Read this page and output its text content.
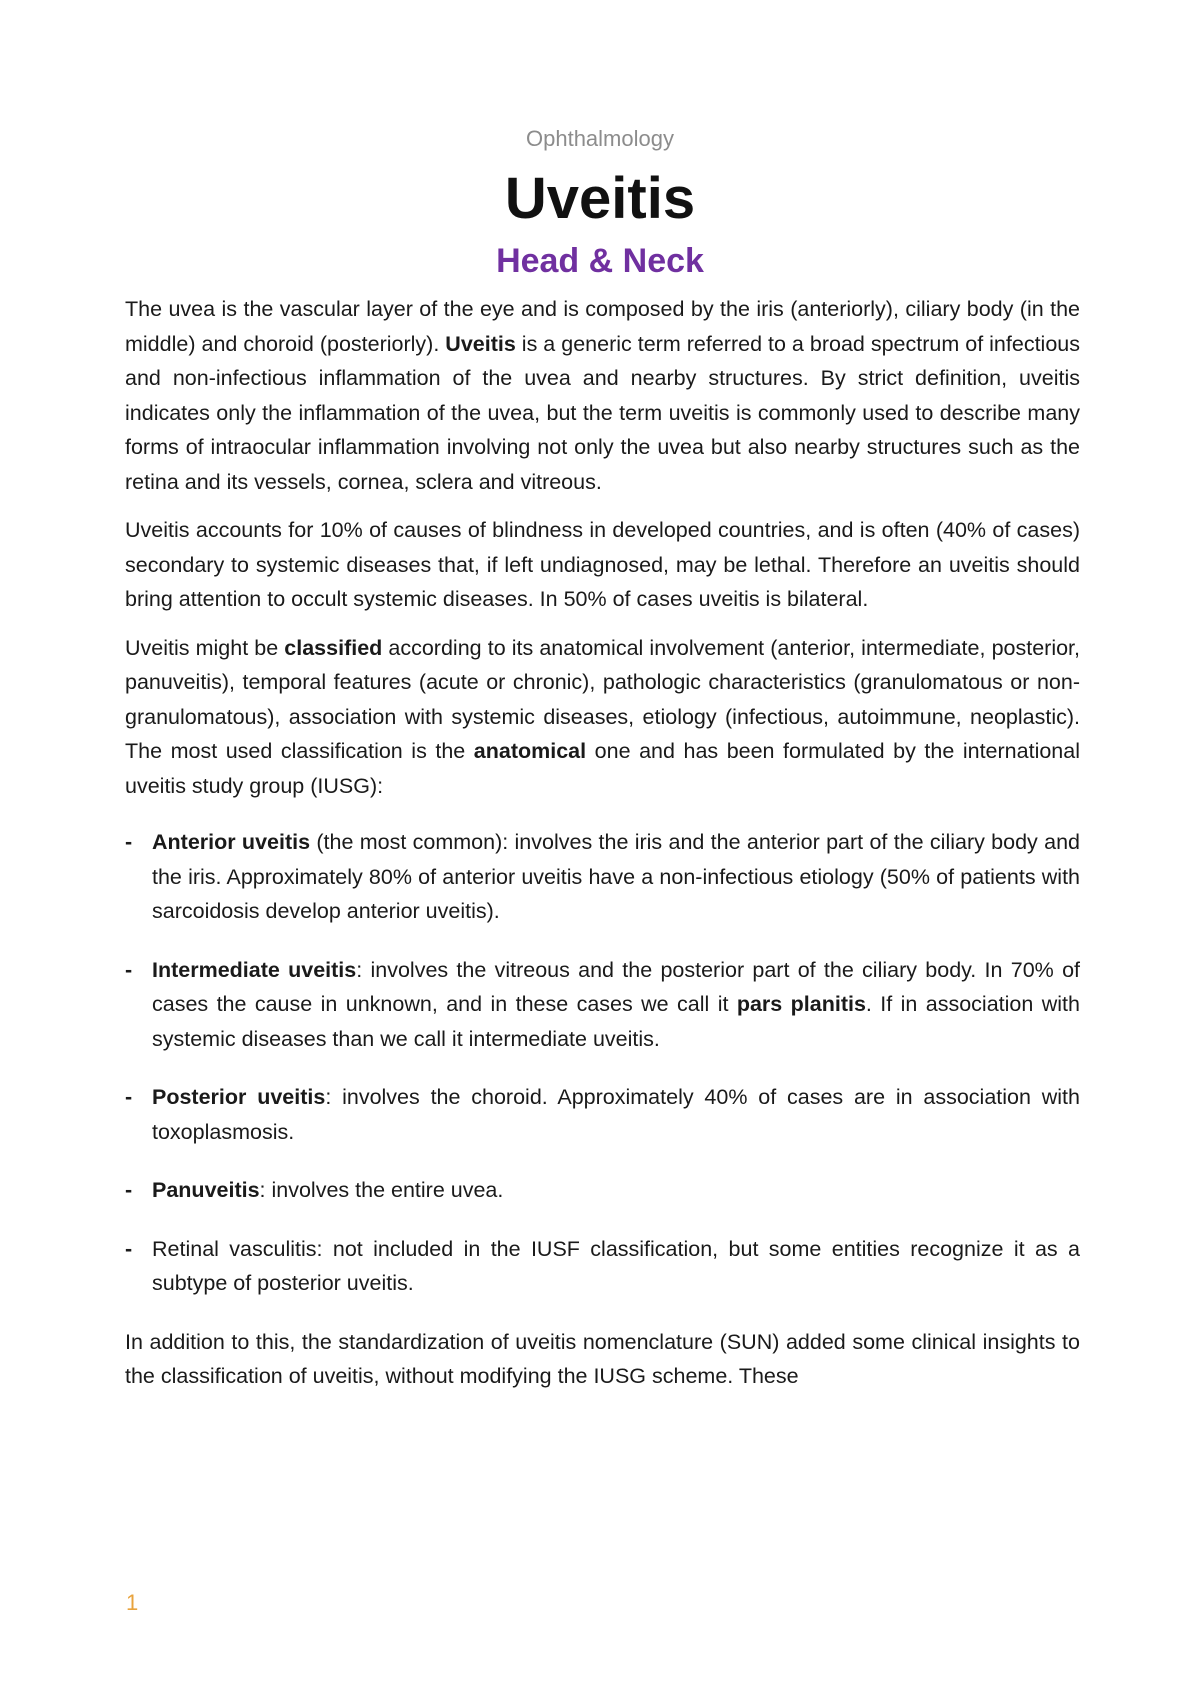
Ophthalmology
Uveitis
Head & Neck

The uvea is the vascular layer of the eye and is composed by the iris (anteriorly), ciliary body (in the middle) and choroid (posteriorly). Uveitis is a generic term referred to a broad spectrum of infectious and non-infectious inflammation of the uvea and nearby structures. By strict definition, uveitis indicates only the inflammation of the uvea, but the term uveitis is commonly used to describe many forms of intraocular inflammation involving not only the uvea but also nearby structures such as the retina and its vessels, cornea, sclera and vitreous.

Uveitis accounts for 10% of causes of blindness in developed countries, and is often (40% of cases) secondary to systemic diseases that, if left undiagnosed, may be lethal. Therefore an uveitis should bring attention to occult systemic diseases. In 50% of cases uveitis is bilateral.

Uveitis might be classified according to its anatomical involvement (anterior, intermediate, posterior, panuveitis), temporal features (acute or chronic), pathologic characteristics (granulomatous or non-granulomatous), association with systemic diseases, etiology (infectious, autoimmune, neoplastic). The most used classification is the anatomical one and has been formulated by the international uveitis study group (IUSG):

- Anterior uveitis (the most common): involves the iris and the anterior part of the ciliary body and the iris. Approximately 80% of anterior uveitis have a non-infectious etiology (50% of patients with sarcoidosis develop anterior uveitis).
- Intermediate uveitis: involves the vitreous and the posterior part of the ciliary body. In 70% of cases the cause in unknown, and in these cases we call it pars planitis. If in association with systemic diseases than we call it intermediate uveitis.
- Posterior uveitis: involves the choroid. Approximately 40% of cases are in association with toxoplasmosis.
- Panuveitis: involves the entire uvea.
- Retinal vasculitis: not included in the IUSF classification, but some entities recognize it as a subtype of posterior uveitis.

In addition to this, the standardization of uveitis nomenclature (SUN) added some clinical insights to the classification of uveitis, without modifying the IUSG scheme. These

1
